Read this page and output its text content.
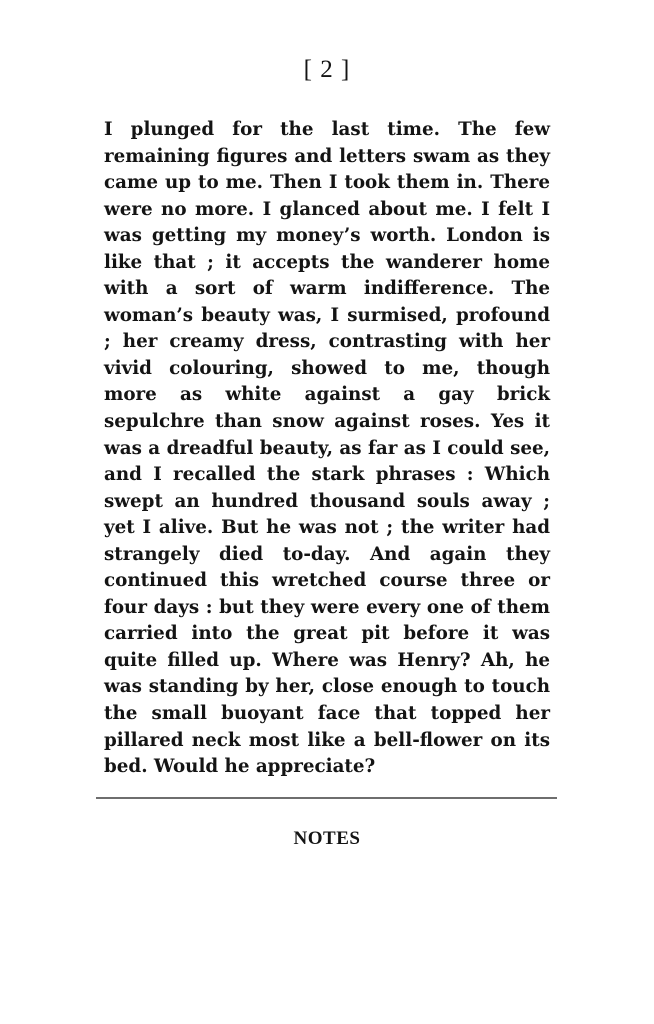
[ 2 ]

I plunged for the last time. The few remaining figures and letters swam as they came up to me. Then I took them in. There were no more. I glanced about me. I felt I was getting my money’s worth. London is like that ; it accepts the wanderer home with a sort of warm indifference. The woman’s beauty was, I surmised, profound ; her creamy dress, contrasting with her vivid colouring, showed to me, though more as white against a gay brick sepulchre than snow against roses. Yes it was a dreadful beauty, as far as I could see, and I recalled the stark phrases : Which swept an hundred thousand souls away ; yet I alive. But he was not ; the writer had strangely died to-day. And again they continued this wretched course three or four days : but they were every one of them carried into the great pit before it was quite filled up. Where was Henry? Ah, he was standing by her, close enough to touch the small buoyant face that topped her pillared neck most like a bell-flower on its bed. Would he appreciate?

NOTES
